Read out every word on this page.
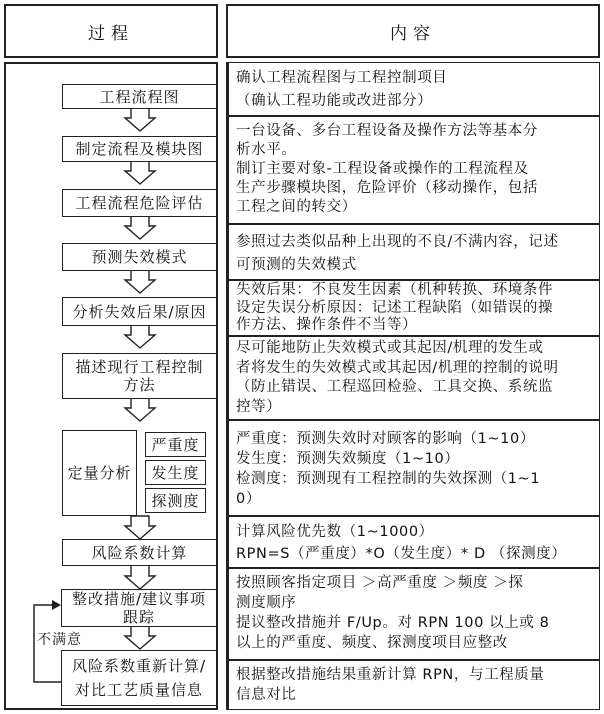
过程	内容
工程流程图
制定流程及模块图
工程流程危险评估
预测失效模式
分析失效后果/原因
描述现行工程控制
方法
定量分析
严重度
发生度
探测度
风险系数计算
整改措施/建议事项
跟踪
风险系数重新计算/
对比工艺质量信息
不满意
确认工程流程图与工程控制项目
（确认工程功能或改进部分）
一台设备、多台工程设备及操作方法等基本分
析水平。
制订主要对象-工程设备或操作的工程流程及
生产步骤模块图，危险评价（移动操作，包括
工程之间的转交）
参照过去类似品种上出现的不良/不满内容，记述
可预测的失效模式
失效后果：不良发生因素（机种转换、环境条件
设定失误分析原因：记述工程缺陷（如错误的操
作方法、操作条件不当等）
尽可能地防止失效模式或其起因/机理的发生或
者将发生的失效模式或其起因/机理的控制的说明
（防止错误、工程巡回检验、工具交换、系统监
控等）
严重度：预测失效时对顾客的影响（1~10）
发生度：预测失效频度（1~10）
检测度：预测现有工程控制的失效探测（1~1
0）
计算风险优先数（1~1000）
RPN=S（严重度）*O（发生度）* D （探测度）
按照顾客指定项目 ＞高严重度 ＞频度 ＞探
测度顺序
提议整改措施并 F/Up。对 RPN 100 以上或 8
以上的严重度、频度、探测度项目应整改
根据整改措施结果重新计算 RPN，与工程质量
信息对比
